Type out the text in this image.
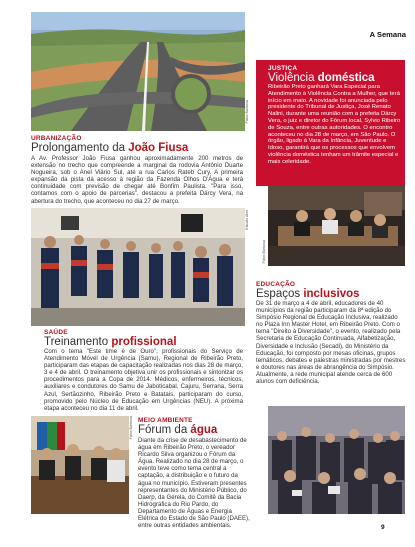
A Semana
Fábio Barbosa
URBANIZAÇÃO
Prolongamento da João Fiusa
A Av. Professor João Fiusa ganhou aproximadamente 200 metros de extensão no trecho que compreende a marginal da rodovia Antônio Duarte Nogueira, sob o Anel Viário Sul, até a rua Carlos Rateb Cury. A primeira expansão da pista dá acesso à região da Fazenda Olhos D'Água e terá continuidade com previsão de chegar até Bonfim Paulista. "Para isso, contamos com o apoio de parcerias", destacou a prefeita Dárcy Vera, na abertura do trecho, que aconteceu no dia 27 de março.
JUSTIÇA
Violência doméstica
Ribeirão Preto ganhará Vara Especial para Atendimento à Violência Contra a Mulher, que terá início em maio. A novidade foi anunciada pelo presidente do Tribunal de Justiça, José Renato Nalini, durante uma reunião com a prefeita Dárcy Vera, o juiz e diretor do Fórum local, Sylvio Ribeiro de Souza, entre outras autoridades. O encontro aconteceu no dia 28 de março, em São Paulo. O órgão, ligado à Vara da Infância, Juventude e Idoso, garantirá que os processos que envolvem violência doméstica tenham um trâmite especial e mais celeridade.
Fábio Barbosa
Estúdio Alex
SAÚDE
Treinamento profissional
Com o tema "Este time é de Ouro", profissionais do Serviço de Atendimento Móvel de Urgência (Samu), Regional de Ribeirão Preto, participaram das etapas de capacitação realizadas nos dias 28 de março, 3 e 4 de abril. O treinamento objetiva unir os profissionais e sintonizar os procedimentos para a Copa de 2014. Médicos, enfermeiros, técnicos, auxiliares e condutores do Samu de Jaboticabal, Cajuru, Serrana, Serra Azul, Sertãozinho, Ribeirão Preto e Batatais, participaram do curso, promovido pelo Núcleo de Educação em Urgências (NEU). A próxima etapa aconteceu no dia 11 de abril.
EDUCAÇÃO
Espaços inclusivos
De 31 de março a 4 de abril, educadores de 40 municípios da região participaram da 8ª edição do Simpósio Regional de Educação Inclusiva, realizado no Plaza Inn Master Hotel, em Ribeirão Preto. Com o tema "Direito à Diversidade", o evento, realizado pela Secretaria de Educação Continuada, Alfabetização, Diversidade e Inclusão (Secadi), do Ministério da Educação, foi composto por mesas oficinas, grupos temáticos, debates e palestras ministradas por mestres e doutores nas áreas de abrangência do Simpósio. Atualmente, a rede municipal atende cerca de 600 alunos com deficiência.
Fábio Barbosa MEIO AMBIENTE
Fórum da água
Diante da crise de desabastecimento de água em Ribeirão Preto, o vereador Ricardo Silva organizou o Fórum da Água. Realizado no dia 28 de março, o evento teve como tema central a captação, a distribuição e o futuro da água no município. Estiveram presentes representantes do Ministério Público, do Daerp, da Gerela, do Comitê da Bacia Hidrográfica do Rio Pardo, do Departamento de Águas e Energia Elétrica do Estado de São Paulo (DAEE), entre outras entidades ambientais.	9
